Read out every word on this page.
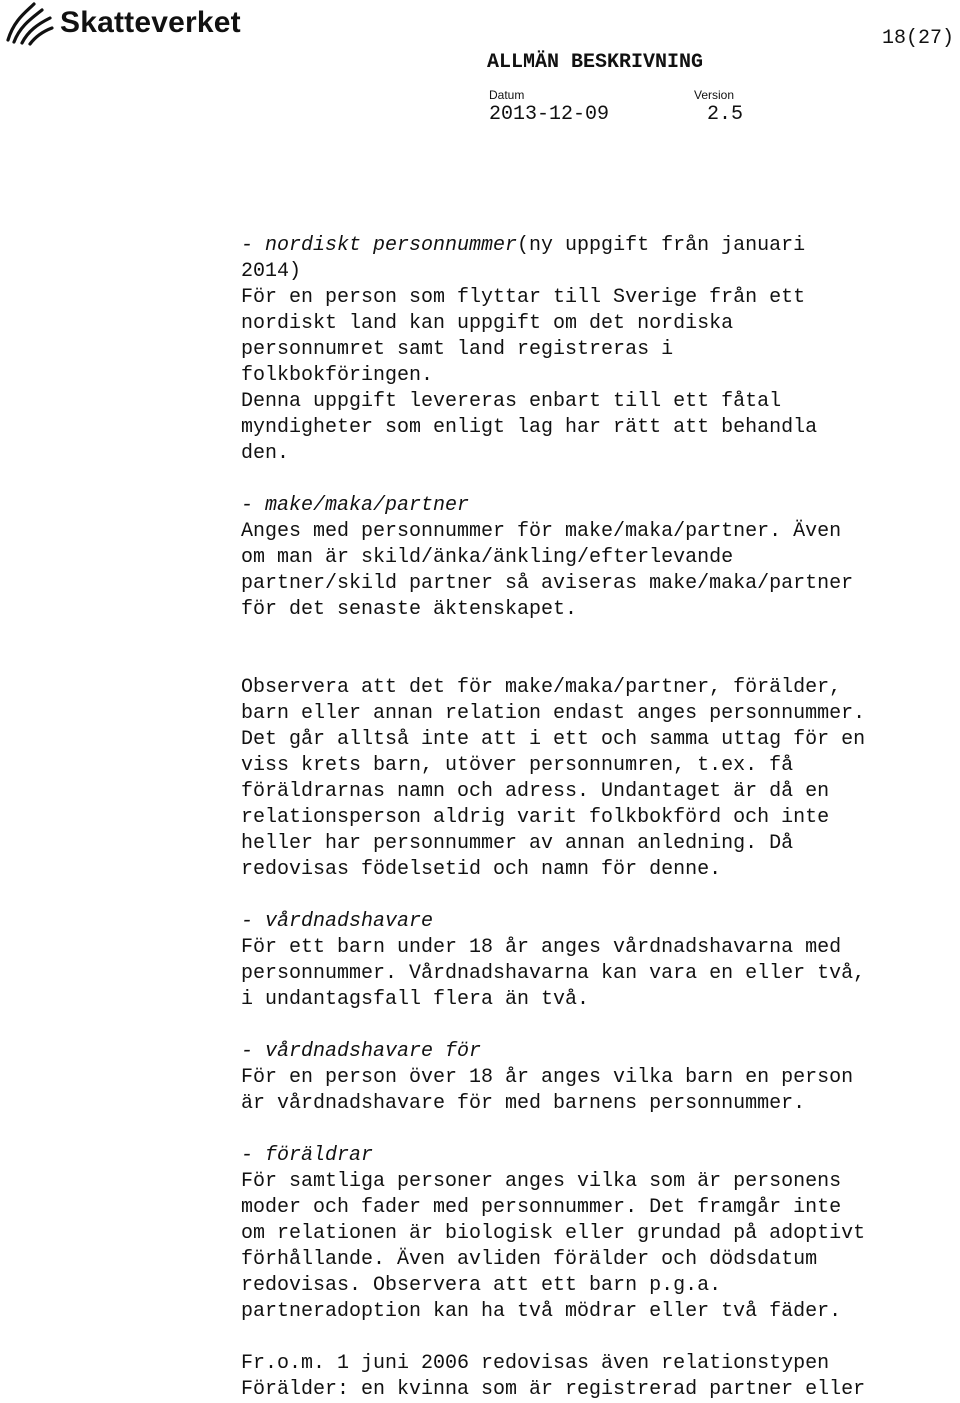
Skatteverket	18(27)
ALLMÄN BESKRIVNING
Datum
2013-12-09
Version
2.5

- nordiskt personnummer(ny uppgift från januari
2014)

För en person som flyttar till Sverige från ett
nordiskt land kan uppgift om det nordiska
personnumret samt land registreras i
folkbokföringen.

Denna uppgift levereras enbart till ett fåtal
myndigheter som enligt lag har rätt att behandla
den.

- make/maka/partner

Anges med personnummer för make/maka/partner. Även
om man är skild/änka/änkling/efterlevande
partner/skild partner så aviseras make/maka/partner
för det senaste äktenskapet.

Observera att det för make/maka/partner, förälder,
barn eller annan relation endast anges personnummer.
Det går alltså inte att i ett och samma uttag för en
viss krets barn, utöver personnumren, t.ex. få
föräldrarnas namn och adress. Undantaget är då en
relationsperson aldrig varit folkbokförd och inte
heller har personnummer av annan anledning. Då
redovisas födelsetid och namn för denne.

- vårdnadshavare

För ett barn under 18 år anges vårdnadshavarna med
personnummer. Vårdnadshavarna kan vara en eller två,
i undantagsfall flera än två.

- vårdnadshavare för

För en person över 18 år anges vilka barn en person
är vårdnadshavare för med barnens personnummer.

- föräldrar

För samtliga personer anges vilka som är personens
moder och fader med personnummer. Det framgår inte
om relationen är biologisk eller grundad på adoptivt
förhållande. Även avliden förälder och dödsdatum
redovisas. Observera att ett barn p.g.a.
partneradoption kan ha två mödrar eller två fäder.

Fr.o.m. 1 juni 2006 redovisas även relationstypen
Förälder: en kvinna som är registrerad partner eller
